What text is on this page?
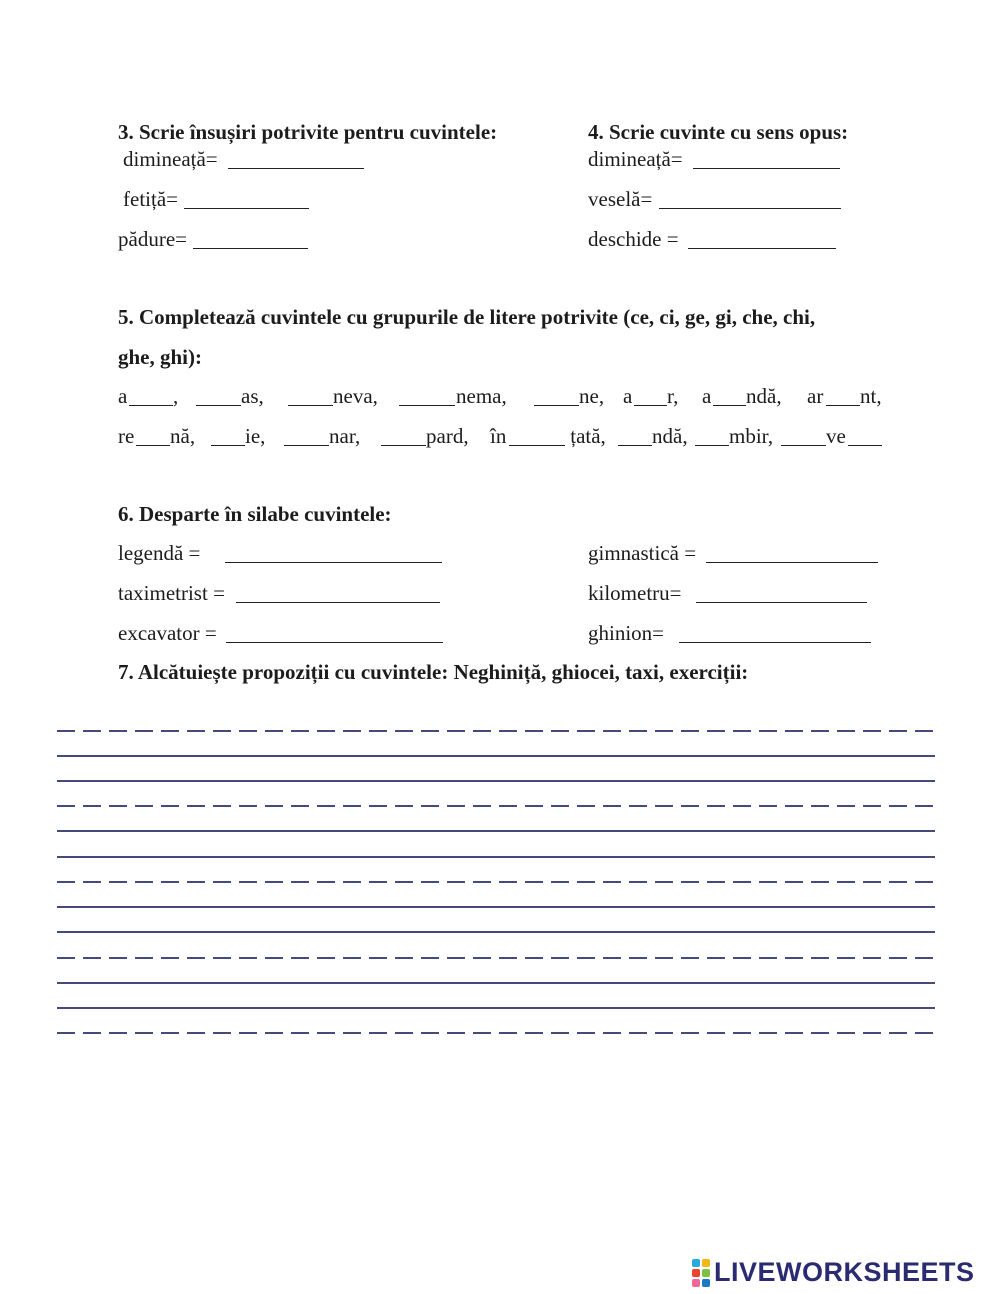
3. Scrie însușiri potrivite pentru cuvintele:
dimineață=
fetiță=
pădure=
4. Scrie cuvinte cu sens opus:
dimineață=
veselă=
deschide =
5. Completează cuvintele cu grupurile de litere potrivite (ce, ci, ge, gi, che, chi,
ghe, ghi):
a ,	as,	neva,	nema,	ne, a r, a ndă, ar nt,
re nă, ie,	nar,	pard, în	țată, ndă, mbir,	ve
6. Desparte în silabe cuvintele:
legendă =
taximetrist =
excavator =
gimnastică =
kilometru=
ghinion=
7. Alcătuiește propoziții cu cuvintele: Neghiniță, ghiocei, taxi, exerciții:
LIVEWORKSHEETS
